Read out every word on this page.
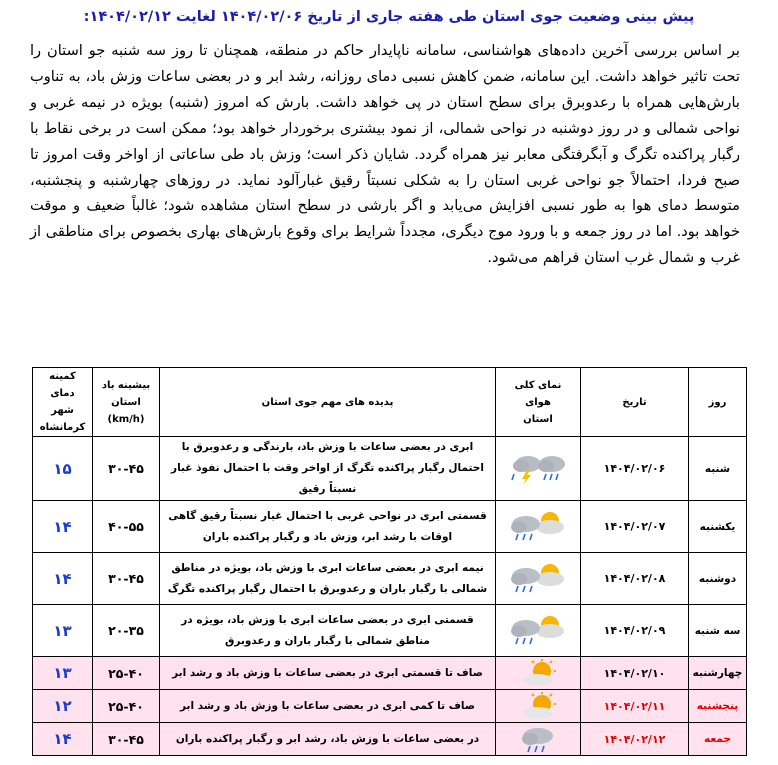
پیش بینی وضعیت جوی استان طی هفته جاری از تاریخ ۱۴۰۴/۰۲/۰۶ لغایت ۱۴۰۴/۰۲/۱۲:
بر اساس بررسی آخرین داده‌های هواشناسی، سامانه ناپایدار حاکم در منطقه، همچنان تا روز سه شنبه جو استان را تحت تاثیر خواهد داشت. این سامانه، ضمن کاهش نسبی دمای روزانه، رشد ابر و در بعضی ساعات وزش باد، به تناوب بارش‌هایی همراه با رعدوبرق برای سطح استان در پی خواهد داشت. بارش که امروز (شنبه) بویژه در نیمه غربی و نواحی شمالی و در روز دوشنبه در نواحی شمالی، از نمود بیشتری برخوردار خواهد بود؛ ممکن است در برخی نقاط با رگبار پراکنده تگرگ و آبگرفتگی معابر نیز همراه گردد. شایان ذکر است؛ وزش باد طی ساعاتی از اواخر وقت امروز تا صبح فردا، احتمالاً جو نواحی غربی استان را به شکلی نسبتاً رقیق غبارآلود نماید. در روزهای چهارشنبه و پنجشنبه، متوسط دمای هوا به طور نسبی افزایش می‌یابد و اگر بارشی در سطح استان مشاهده شود؛ غالباً ضعیف و موقت خواهد بود. اما در روز جمعه و با ورود موج دیگری، مجدداً شرایط برای وقوع بارش‌های بهاری بخصوص برای مناطقی از غرب و شمال غرب استان فراهم می‌شود.
روز	تاریخ	نمای کلی هوای استان	پدیده های مهم جوی استان	بیشینه باد استان (km/h)	کمینه دمای شهر کرمانشاه
شنبه	۱۴۰۴/۰۲/۰۶		ابری در بعضی ساعات با وزش باد، بارندگی و رعدوبرق با احتمال رگبار پراکنده تگرگ از اواخر وقت با احتمال نفوذ غبار نسبتاً رقیق	۳۰-۴۵	۱۵
یکشنبه	۱۴۰۴/۰۲/۰۷		قسمتی ابری در نواحی غربی با احتمال غبار نسبتاً رقیق گاهی اوقات با رشد ابر، وزش باد و رگبار پراکنده باران	۴۰-۵۵	۱۴
دوشنبه	۱۴۰۴/۰۲/۰۸		نیمه ابری در بعضی ساعات ابری با وزش باد، بویژه در مناطق شمالی با رگبار باران و رعدوبرق با احتمال رگبار پراکنده تگرگ	۳۰-۴۵	۱۴
سه شنبه	۱۴۰۴/۰۲/۰۹		قسمتی ابری در بعضی ساعات ابری با وزش باد، بویژه در مناطق شمالی با رگبار باران و رعدوبرق	۲۰-۳۵	۱۳
چهارشنبه	۱۴۰۴/۰۲/۱۰		صاف تا قسمتی ابری در بعضی ساعات با وزش باد و رشد ابر	۲۵-۴۰	۱۳
پنجشنبه	۱۴۰۴/۰۲/۱۱		صاف تا کمی ابری در بعضی ساعات با وزش باد و رشد ابر	۲۵-۴۰	۱۲
جمعه	۱۴۰۴/۰۲/۱۲		در بعضی ساعات با وزش باد، رشد ابر و رگبار پراکنده باران	۳۰-۴۵	۱۴
